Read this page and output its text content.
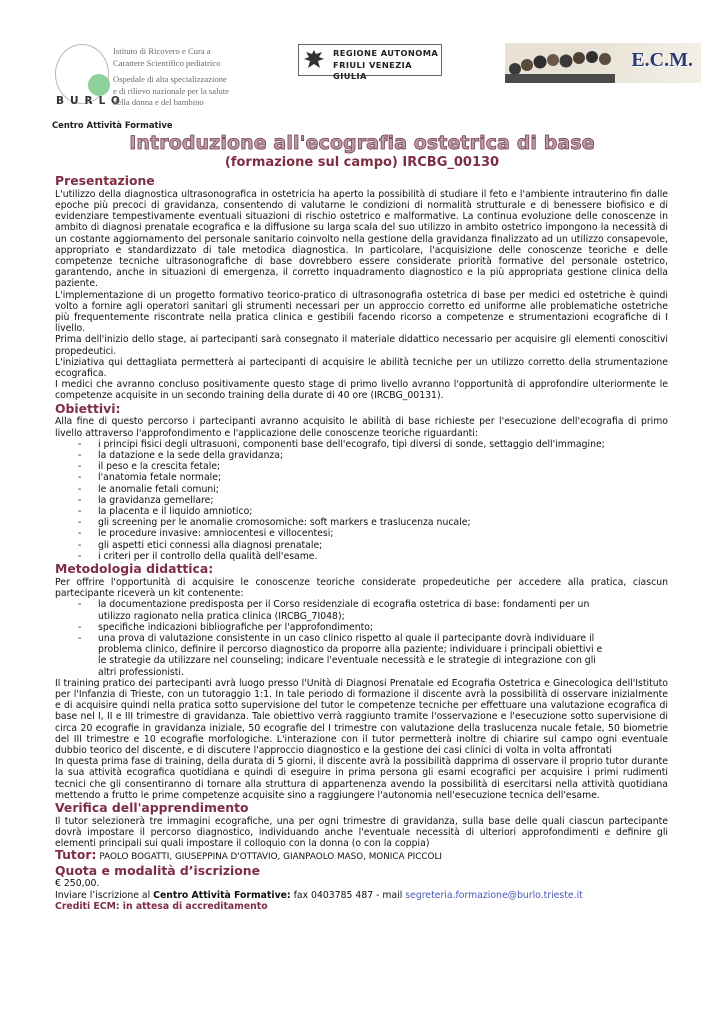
BURLO
Istituto di Ricovero e Cura a
Carattere Scientifico pediatrico
Ospedale di alta specializzazione
e di rilievo nazionale per la salute
della donna e del bambino
REGIONE AUTONOMA
FRIULI VENEZIA GIULIA
E.C.M.
Centro Attività Formative
Introduzione all'ecografia ostetrica di base
(formazione sul campo) IRCBG_00130
Presentazione

L'utilizzo della diagnostica ultrasonografica in ostetricia ha aperto la possibilità di studiare il feto e l'ambiente intrauterino fin dalle epoche più precoci di gravidanza, consentendo di valutarne le condizioni di normalità strutturale e di benessere biofisico e di evidenziare tempestivamente eventuali situazioni di rischio ostetrico e malformative. La continua evoluzione delle conoscenze in ambito di diagnosi prenatale ecografica e la diffusione su larga scala del suo utilizzo in ambito ostetrico impongono la necessità di un costante aggiornamento del personale sanitario coinvolto nella gestione della gravidanza finalizzato ad un utilizzo consapevole, appropriato e standardizzato di tale metodica diagnostica. In particolare, l'acquisizione delle conoscenze teoriche e delle competenze tecniche ultrasonografiche di base dovrebbero essere considerate priorità formative del personale ostetrico, garantendo, anche in situazioni di emergenza, il corretto inquadramento diagnostico e la più appropriata gestione clinica della paziente.

L'implementazione di un progetto formativo teorico-pratico di ultrasonografia ostetrica di base per medici ed ostetriche è quindi volto a fornire agli operatori sanitari gli strumenti necessari per un approccio corretto ed uniforme alle problematiche ostetriche più frequentemente riscontrate nella pratica clinica e gestibili facendo ricorso a competenze e strumentazioni ecografiche di I livello.

Prima dell'inizio dello stage, ai partecipanti sarà consegnato il materiale didattico necessario per acquisire gli elementi conoscitivi propedeutici.

L'iniziativa qui dettagliata permetterà ai partecipanti di acquisire le abilità tecniche per un utilizzo corretto della strumentazione ecografica.

I medici che avranno concluso positivamente questo stage di primo livello avranno l'opportunità di approfondire ulteriormente le competenze acquisite in un secondo training della durate di 40 ore (IRCBG_00131).

Obiettivi:

Alla fine di questo percorso i partecipanti avranno acquisito le abilità di base richieste per l'esecuzione dell'ecografia di primo livello attraverso l'approfondimento e l'applicazione delle conoscenze teoriche riguardanti:

- i principi fisici degli ultrasuoni, componenti base dell'ecografo, tipi diversi di sonde, settaggio dell'immagine;
- la datazione e la sede della gravidanza;
- il peso e la crescita fetale;
- l'anatomia fetale normale;
- le anomalie fetali comuni;
- la gravidanza gemellare;
- la placenta e il liquido amniotico;
- gli screening per le anomalie cromosomiche: soft markers e traslucenza nucale;
- le procedure invasive: amniocentesi e villocentesi;
- gli aspetti etici connessi alla diagnosi prenatale;
- i criteri per il controllo della qualità dell'esame.
Metodologia didattica:

Per offrire l'opportunità di acquisire le conoscenze teoriche considerate propedeutiche per accedere alla pratica, ciascun partecipante riceverà un kit contenente:

- la documentazione predisposta per il Corso residenziale di ecografia ostetrica di base: fondamenti per un utilizzo ragionato nella pratica clinica (IRCBG_7I048);
- specifiche indicazioni bibliografiche per l'approfondimento;
- una prova di valutazione consistente in un caso clinico rispetto al quale il partecipante dovrà individuare il problema clinico, definire il percorso diagnostico da proporre alla paziente; individuare i principali obiettivi e le strategie da utilizzare nel counseling; indicare l'eventuale necessità e le strategie di integrazione con gli altri professionisti.

Il training pratico dei partecipanti avrà luogo presso l'Unità di Diagnosi Prenatale ed Ecografia Ostetrica e Ginecologica dell'Istituto per l'Infanzia di Trieste, con un tutoraggio 1:1. In tale periodo di formazione il discente avrà la possibilità di osservare inizialmente e di acquisire quindi nella pratica sotto supervisione del tutor le competenze tecniche per effettuare una valutazione ecografica di base nel I, II e III trimestre di gravidanza. Tale obiettivo verrà raggiunto tramite l'osservazione e l'esecuzione sotto supervisione di circa 20 ecografie in gravidanza iniziale, 50 ecografie del I trimestre con valutazione della traslucenza nucale fetale, 50 biometrie del III trimestre e 10 ecografie morfologiche. L'interazione con il tutor permetterà inoltre di chiarire sul campo ogni eventuale dubbio teorico del discente, e di discutere l'approccio diagnostico e la gestione dei casi clinici di volta in volta affrontati

In questa prima fase di training, della durata di 5 giorni, il discente avrà la possibilità dapprima di osservare il proprio tutor durante la sua attività ecografica quotidiana e quindi di eseguire in prima persona gli esami ecografici per acquisire i primi rudimenti tecnici che gli consentiranno di tornare alla struttura di appartenenza avendo la possibilità di esercitarsi nella attività quotidiana mettendo a frutto le prime competenze acquisite sino a raggiungere l'autonomia nell'esecuzione tecnica dell'esame.

Verifica dell'apprendimento

Il tutor selezionerà tre immagini ecografiche, una per ogni trimestre di gravidanza, sulla base delle quali ciascun partecipante dovrà impostare il percorso diagnostico, individuando anche l'eventuale necessità di ulteriori approfondimenti e definire gli elementi principali sui quali impostare il colloquio con la donna (o con la coppia)

Tutor: PAOLO BOGATTI, GIUSEPPINA D'OTTAVIO, GIANPAOLO MASO, MONICA PICCOLI
Quota e modalità d’iscrizione

€ 250,00.

Inviare l’iscrizione al Centro Attività Formative: fax 0403785 487 - mail segreteria.formazione@burlo.trieste.it

Crediti ECM: in attesa di accreditamento
